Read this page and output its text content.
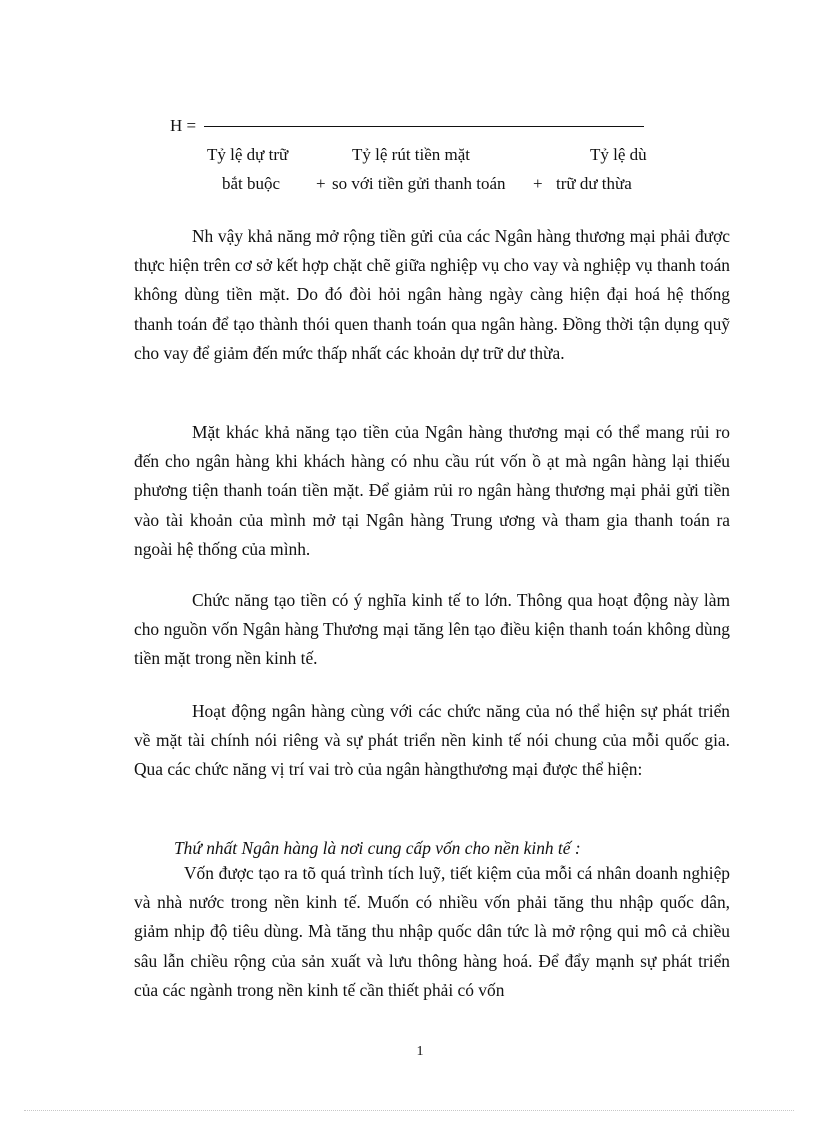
H =
Tỷ lệ dự trữ	Tỷ lệ rút tiền mặt	Tỷ lệ dù
bắt buộc + so với tiền gửi thanh toán + trữ dư thừa

Nh vậy khả năng mở rộng tiền gửi của các Ngân hàng thương mại phải được thực hiện trên cơ sở kết hợp chặt chẽ giữa nghiệp vụ cho vay và nghiệp vụ thanh toán không dùng tiền mặt. Do đó đòi hỏi ngân hàng ngày càng hiện đại hoá hệ thống thanh toán để tạo thành thói quen thanh toán qua ngân hàng. Đồng thời tận dụng quỹ cho vay để giảm đến mức thấp nhất các khoản dự trữ dư thừa.

Mặt khác khả năng tạo tiền của Ngân hàng thương mại có thể mang rủi ro đến cho ngân hàng khi khách hàng có nhu cầu rút vốn ồ ạt mà ngân hàng lại thiếu phương tiện thanh toán tiền mặt. Để giảm rủi ro ngân hàng thương mại phải gửi tiền vào tài khoản của mình mở tại Ngân hàng Trung ương và tham gia thanh toán ra ngoài hệ thống của mình.

Chức năng tạo tiền có ý nghĩa kinh tế to lớn. Thông qua hoạt động này làm cho nguồn vốn Ngân hàng Thương mại tăng lên tạo điều kiện thanh toán không dùng tiền mặt trong nền kinh tế.

Hoạt động ngân hàng cùng với các chức năng của nó thể hiện sự phát triển về mặt tài chính nói riêng và sự phát triển nền kinh tế nói chung của mỗi quốc gia. Qua các chức năng vị trí vai trò của ngân hàngthương mại được thể hiện:

Thứ nhất Ngân hàng là nơi cung cấp vốn cho nền kinh tế :

Vốn được tạo ra tõ quá trình tích luỹ, tiết kiệm của mỗi cá nhân doanh nghiệp và nhà nước trong nền kinh tế. Muốn có nhiều vốn phải tăng thu nhập quốc dân, giảm nhịp độ tiêu dùng. Mà tăng thu nhập quốc dân tức là mở rộng qui mô cả chiều sâu lẫn chiều rộng của sản xuất và lưu thông hàng hoá. Để đẩy mạnh sự phát triển của các ngành trong nền kinh tế cần thiết phải có vốn

1
